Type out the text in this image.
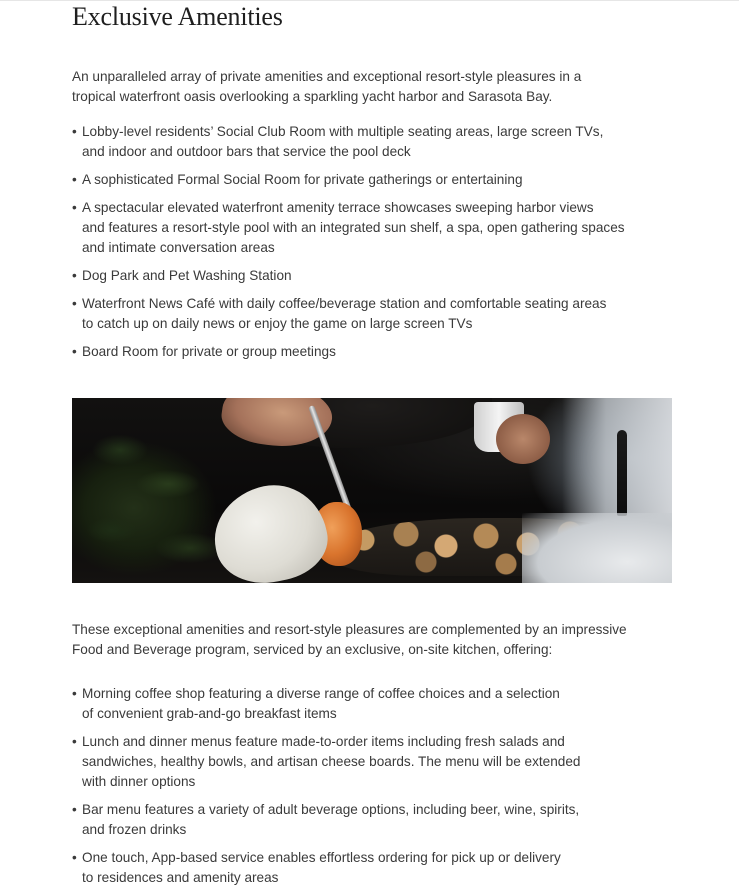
Exclusive Amenities

An unparalleled array of private amenities and exceptional resort-style pleasures in a
tropical waterfront oasis overlooking a sparkling yacht harbor and Sarasota Bay.

• Lobby-level residents’ Social Club Room with multiple seating areas, large screen TVs,
and indoor and outdoor bars that service the pool deck
• A sophisticated Formal Social Room for private gatherings or entertaining
• A spectacular elevated waterfront amenity terrace showcases sweeping harbor views
and features a resort-style pool with an integrated sun shelf, a spa, open gathering spaces
and intimate conversation areas
• Dog Park and Pet Washing Station
• Waterfront News Café with daily coffee/beverage station and comfortable seating areas
to catch up on daily news or enjoy the game on large screen TVs
• Board Room for private or group meetings

These exceptional amenities and resort-style pleasures are complemented by an impressive
Food and Beverage program, serviced by an exclusive, on-site kitchen, offering:

• Morning coffee shop featuring a diverse range of coffee choices and a selection
of convenient grab-and-go breakfast items
• Lunch and dinner menus feature made-to-order items including fresh salads and
sandwiches, healthy bowls, and artisan cheese boards. The menu will be extended
with dinner options
• Bar menu features a variety of adult beverage options, including beer, wine, spirits,
and frozen drinks
• One touch, App-based service enables effortless ordering for pick up or delivery
to residences and amenity areas
